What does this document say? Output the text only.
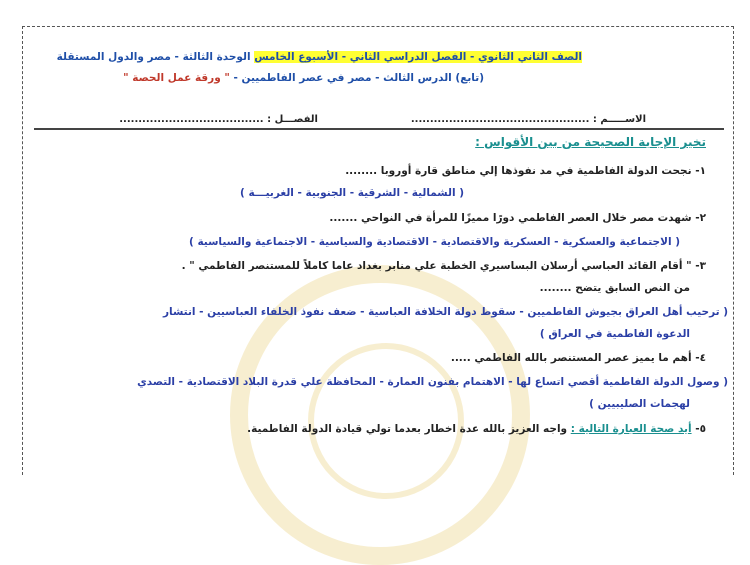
الصف الثاني الثانوي - الفصل الدراسي الثاني - الأسبوع الخامس الوحدة الثالثة - مصر والدول المستقلة
(تابع) الدرس الثالث - مصر في عصر الفاطميين - " ورقة عمل الحصة "
الاســـــم : ...............................................
الفصـــل : ......................................
تخير الإجابة الصحيحة من بين الأقواس :
١- نجحت الدولة الفاطمية في مد نفوذها إلي مناطق قارة أوروبا ........
( الشمالية - الشرقية - الجنوبية - الغربيـــة )
٢- شهدت مصر خلال العصر الفاطمي دورًا مميزًا للمرأة في النواحي .......
( الاجتماعية والعسكرية - العسكرية والاقتصادية - الاقتصادية والسياسية - الاجتماعية والسياسية )
٣- " أقام القائد العباسي أرسلان البساسيري الخطبة علي منابر بغداد عاما كاملاً للمستنصر الفاطمي " .
من النص السابق يتضح ........
( ترحيب أهل العراق بجيوش الفاطميين - سقوط دولة الخلافة العباسية - ضعف نفوذ الخلفاء العباسيين - انتشار
الدعوة الفاطمية في العراق )
٤- أهم ما يميز عصر المستنصر بالله الفاطمي .....
( وصول الدولة الفاطمية أقصي اتساع لها - الاهتمام بفنون العمارة - المحافظة علي قدرة البلاد الاقتصادية - التصدي
لهجمات الصليبيين )
٥- أيد صحة العبارة التالية : واجه العزيز بالله عدة اخطار بعدما تولي قيادة الدولة الفاطمية.
